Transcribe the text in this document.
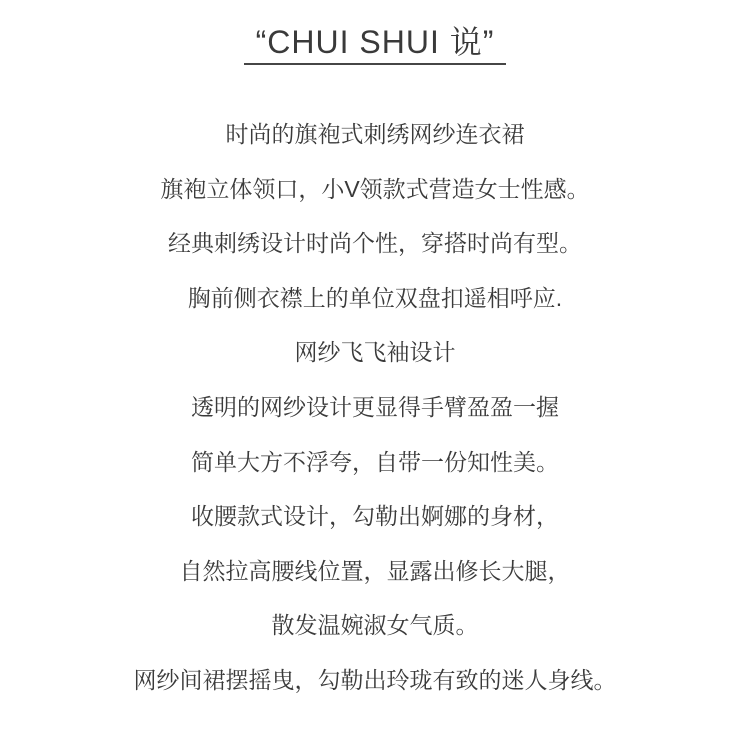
“CHUI SHUI 说”

时尚的旗袍式刺绣网纱连衣裙

旗袍立体领口，小V领款式营造女士性感。

经典刺绣设计时尚个性，穿搭时尚有型。

胸前侧衣襟上的单位双盘扣遥相呼应.

网纱飞飞袖设计

透明的网纱设计更显得手臂盈盈一握

简单大方不浮夸，自带一份知性美。

收腰款式设计，勾勒出婀娜的身材，

自然拉高腰线位置，显露出修长大腿，

散发温婉淑女气质。

网纱间裙摆摇曳，勾勒出玲珑有致的迷人身线。
